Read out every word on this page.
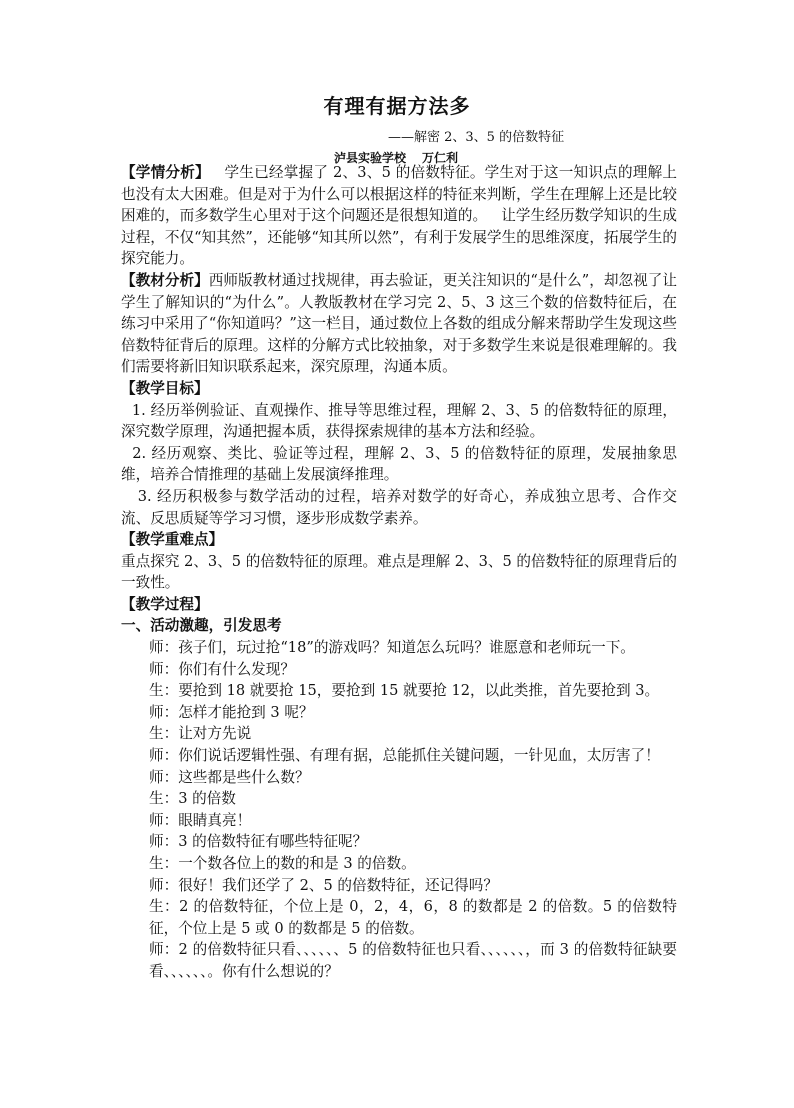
有理有据方法多
——解密 2、3、5 的倍数特征
泸县实验学校 万仁利

【学情分析】   学生已经掌握了 2、3、5 的倍数特征。学生对于这一知识点的理解上也没有太大困难。但是对于为什么可以根据这样的特征来判断，学生在理解上还是比较困难的，而多数学生心里对于这个问题还是很想知道的。   让学生经历数学知识的生成过程，不仅“知其然”，还能够“知其所以然”，有利于发展学生的思维深度，拓展学生的探究能力。

【教材分析】西师版教材通过找规律，再去验证，更关注知识的“是什么”，却忽视了让学生了解知识的“为什么”。人教版教材在学习完 2、5、3 这三个数的倍数特征后，在练习中采用了“你知道吗？”这一栏目，通过数位上各数的组成分解来帮助学生发现这些倍数特征背后的原理。这样的分解方式比较抽象，对于多数学生来说是很难理解的。我们需要将新旧知识联系起来，深究原理，沟通本质。

【教学目标】

1. 经历举例验证、直观操作、推导等思维过程，理解 2、3、5 的倍数特征的原理，深究数学原理，沟通把握本质，获得探索规律的基本方法和经验。

2. 经历观察、类比、验证等过程，理解 2、3、5 的倍数特征的原理，发展抽象思维，培养合情推理的基础上发展演绎推理。

3. 经历积极参与数学活动的过程，培养对数学的好奇心，养成独立思考、合作交流、反思质疑等学习习惯，逐步形成数学素养。

【教学重难点】

重点探究 2、3、5 的倍数特征的原理。难点是理解 2、3、5 的倍数特征的原理背后的一致性。

【教学过程】

一、活动激趣，引发思考

师：孩子们，玩过抢“18”的游戏吗？知道怎么玩吗？谁愿意和老师玩一下。

师：你们有什么发现？

生：要抢到 18 就要抢 15，要抢到 15 就要抢 12，以此类推，首先要抢到 3。

师：怎样才能抢到 3 呢？

生：让对方先说

师：你们说话逻辑性强、有理有据，总能抓住关键问题，一针见血，太厉害了！

师：这些都是些什么数？

生：3 的倍数

师：眼睛真亮！

师：3 的倍数特征有哪些特征呢？

生：一个数各位上的数的和是 3 的倍数。

师：很好！我们还学了 2、5 的倍数特征，还记得吗？

生：2 的倍数特征，个位上是 0，2，4，6，8 的数都是 2 的倍数。5 的倍数特征，个位上是 5 或 0 的数都是 5 的倍数。

师：2 的倍数特征只看、、、、、、5 的倍数特征也只看、、、、、、，而 3 的倍数特征缺要看、、、、、、。你有什么想说的？
